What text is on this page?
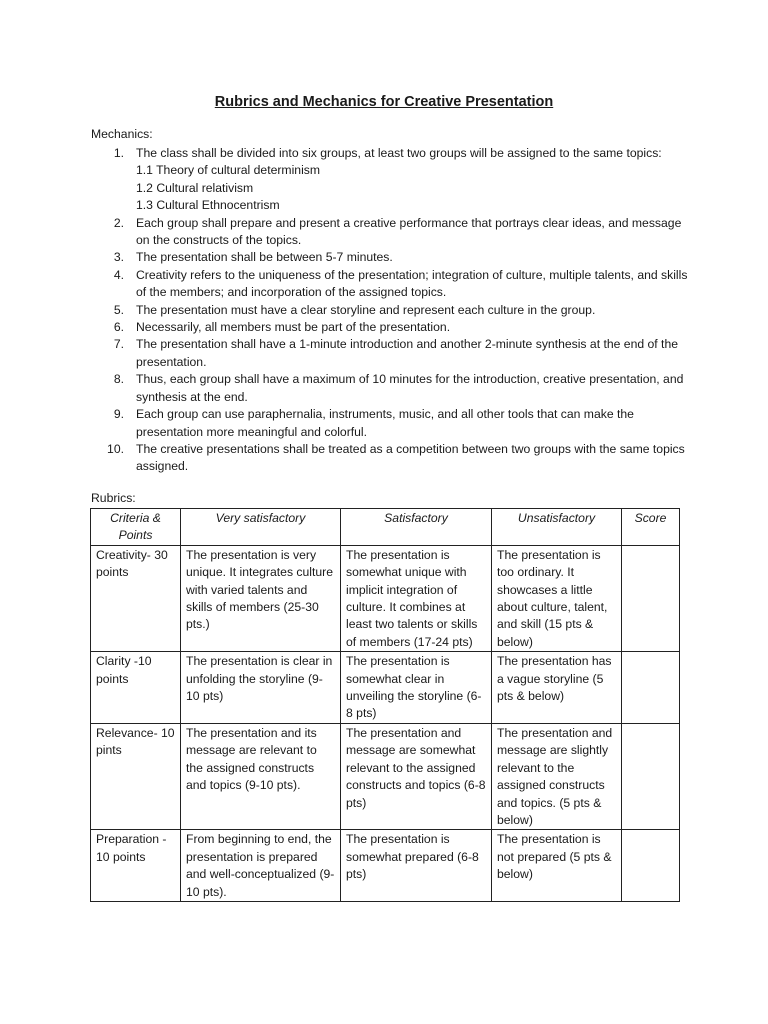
Rubrics and Mechanics for Creative Presentation
Mechanics:
1. The class shall be divided into six groups, at least two groups will be assigned to the same topics:
1.1 Theory of cultural determinism
1.2 Cultural relativism
1.3 Cultural Ethnocentrism
2. Each group shall prepare and present a creative performance that portrays clear ideas, and message on the constructs of the topics.
3. The presentation shall be between 5-7 minutes.
4. Creativity refers to the uniqueness of the presentation; integration of culture, multiple talents, and skills of the members; and incorporation of the assigned topics.
5. The presentation must have a clear storyline and represent each culture in the group.
6. Necessarily, all members must be part of the presentation.
7. The presentation shall have a 1-minute introduction and another 2-minute synthesis at the end of the presentation.
8. Thus, each group shall have a maximum of 10 minutes for the introduction, creative presentation, and synthesis at the end.
9. Each group can use paraphernalia, instruments, music, and all other tools that can make the presentation more meaningful and colorful.
10. The creative presentations shall be treated as a competition between two groups with the same topics assigned.
Rubrics:
Criteria & Points	Very satisfactory	Satisfactory	Unsatisfactory	Score
Creativity- 30 points	The presentation is very unique. It integrates culture with varied talents and skills of members (25-30 pts.)	The presentation is somewhat unique with implicit integration of culture. It combines at least two talents or skills of members (17-24 pts)	The presentation is too ordinary. It showcases a little about culture, talent, and skill (15 pts & below)	
Clarity -10 points	The presentation is clear in unfolding the storyline (9-10 pts)	The presentation is somewhat clear in unveiling the storyline (6-8 pts)	The presentation has a vague storyline (5 pts & below)	
Relevance- 10 pints	The presentation and its message are relevant to the assigned constructs and topics (9-10 pts).	The presentation and message are somewhat relevant to the assigned constructs and topics (6-8 pts)	The presentation and message are slightly relevant to the assigned constructs and topics. (5 pts & below)	
Preparation - 10 points	From beginning to end, the presentation is prepared and well-conceptualized (9-10 pts).	The presentation is somewhat prepared (6-8 pts)	The presentation is not prepared (5 pts & below)	
